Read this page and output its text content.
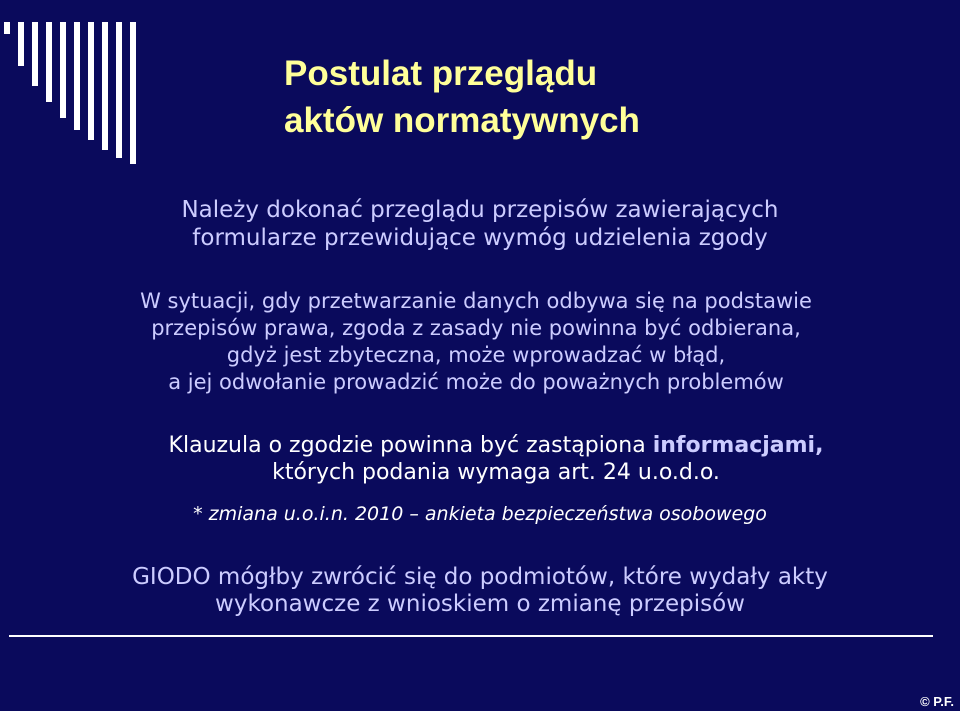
Postulat przeglądu
aktów normatywnych

Należy dokonać przeglądu przepisów zawierających
formularze przewidujące wymóg udzielenia zgody

W sytuacji, gdy przetwarzanie danych odbywa się na podstawie
przepisów prawa, zgoda z zasady nie powinna być odbierana,
gdyż jest zbyteczna, może wprowadzać w błąd,
a jej odwołanie prowadzić może do poważnych problemów

Klauzula o zgodzie powinna być zastąpiona informacjami,
których podania wymaga art. 24 u.o.d.o.

* zmiana u.o.i.n. 2010 – ankieta bezpieczeństwa osobowego

GIODO mógłby zwrócić się do podmiotów, które wydały akty
wykonawcze z wnioskiem o zmianę przepisów

© P.F.
